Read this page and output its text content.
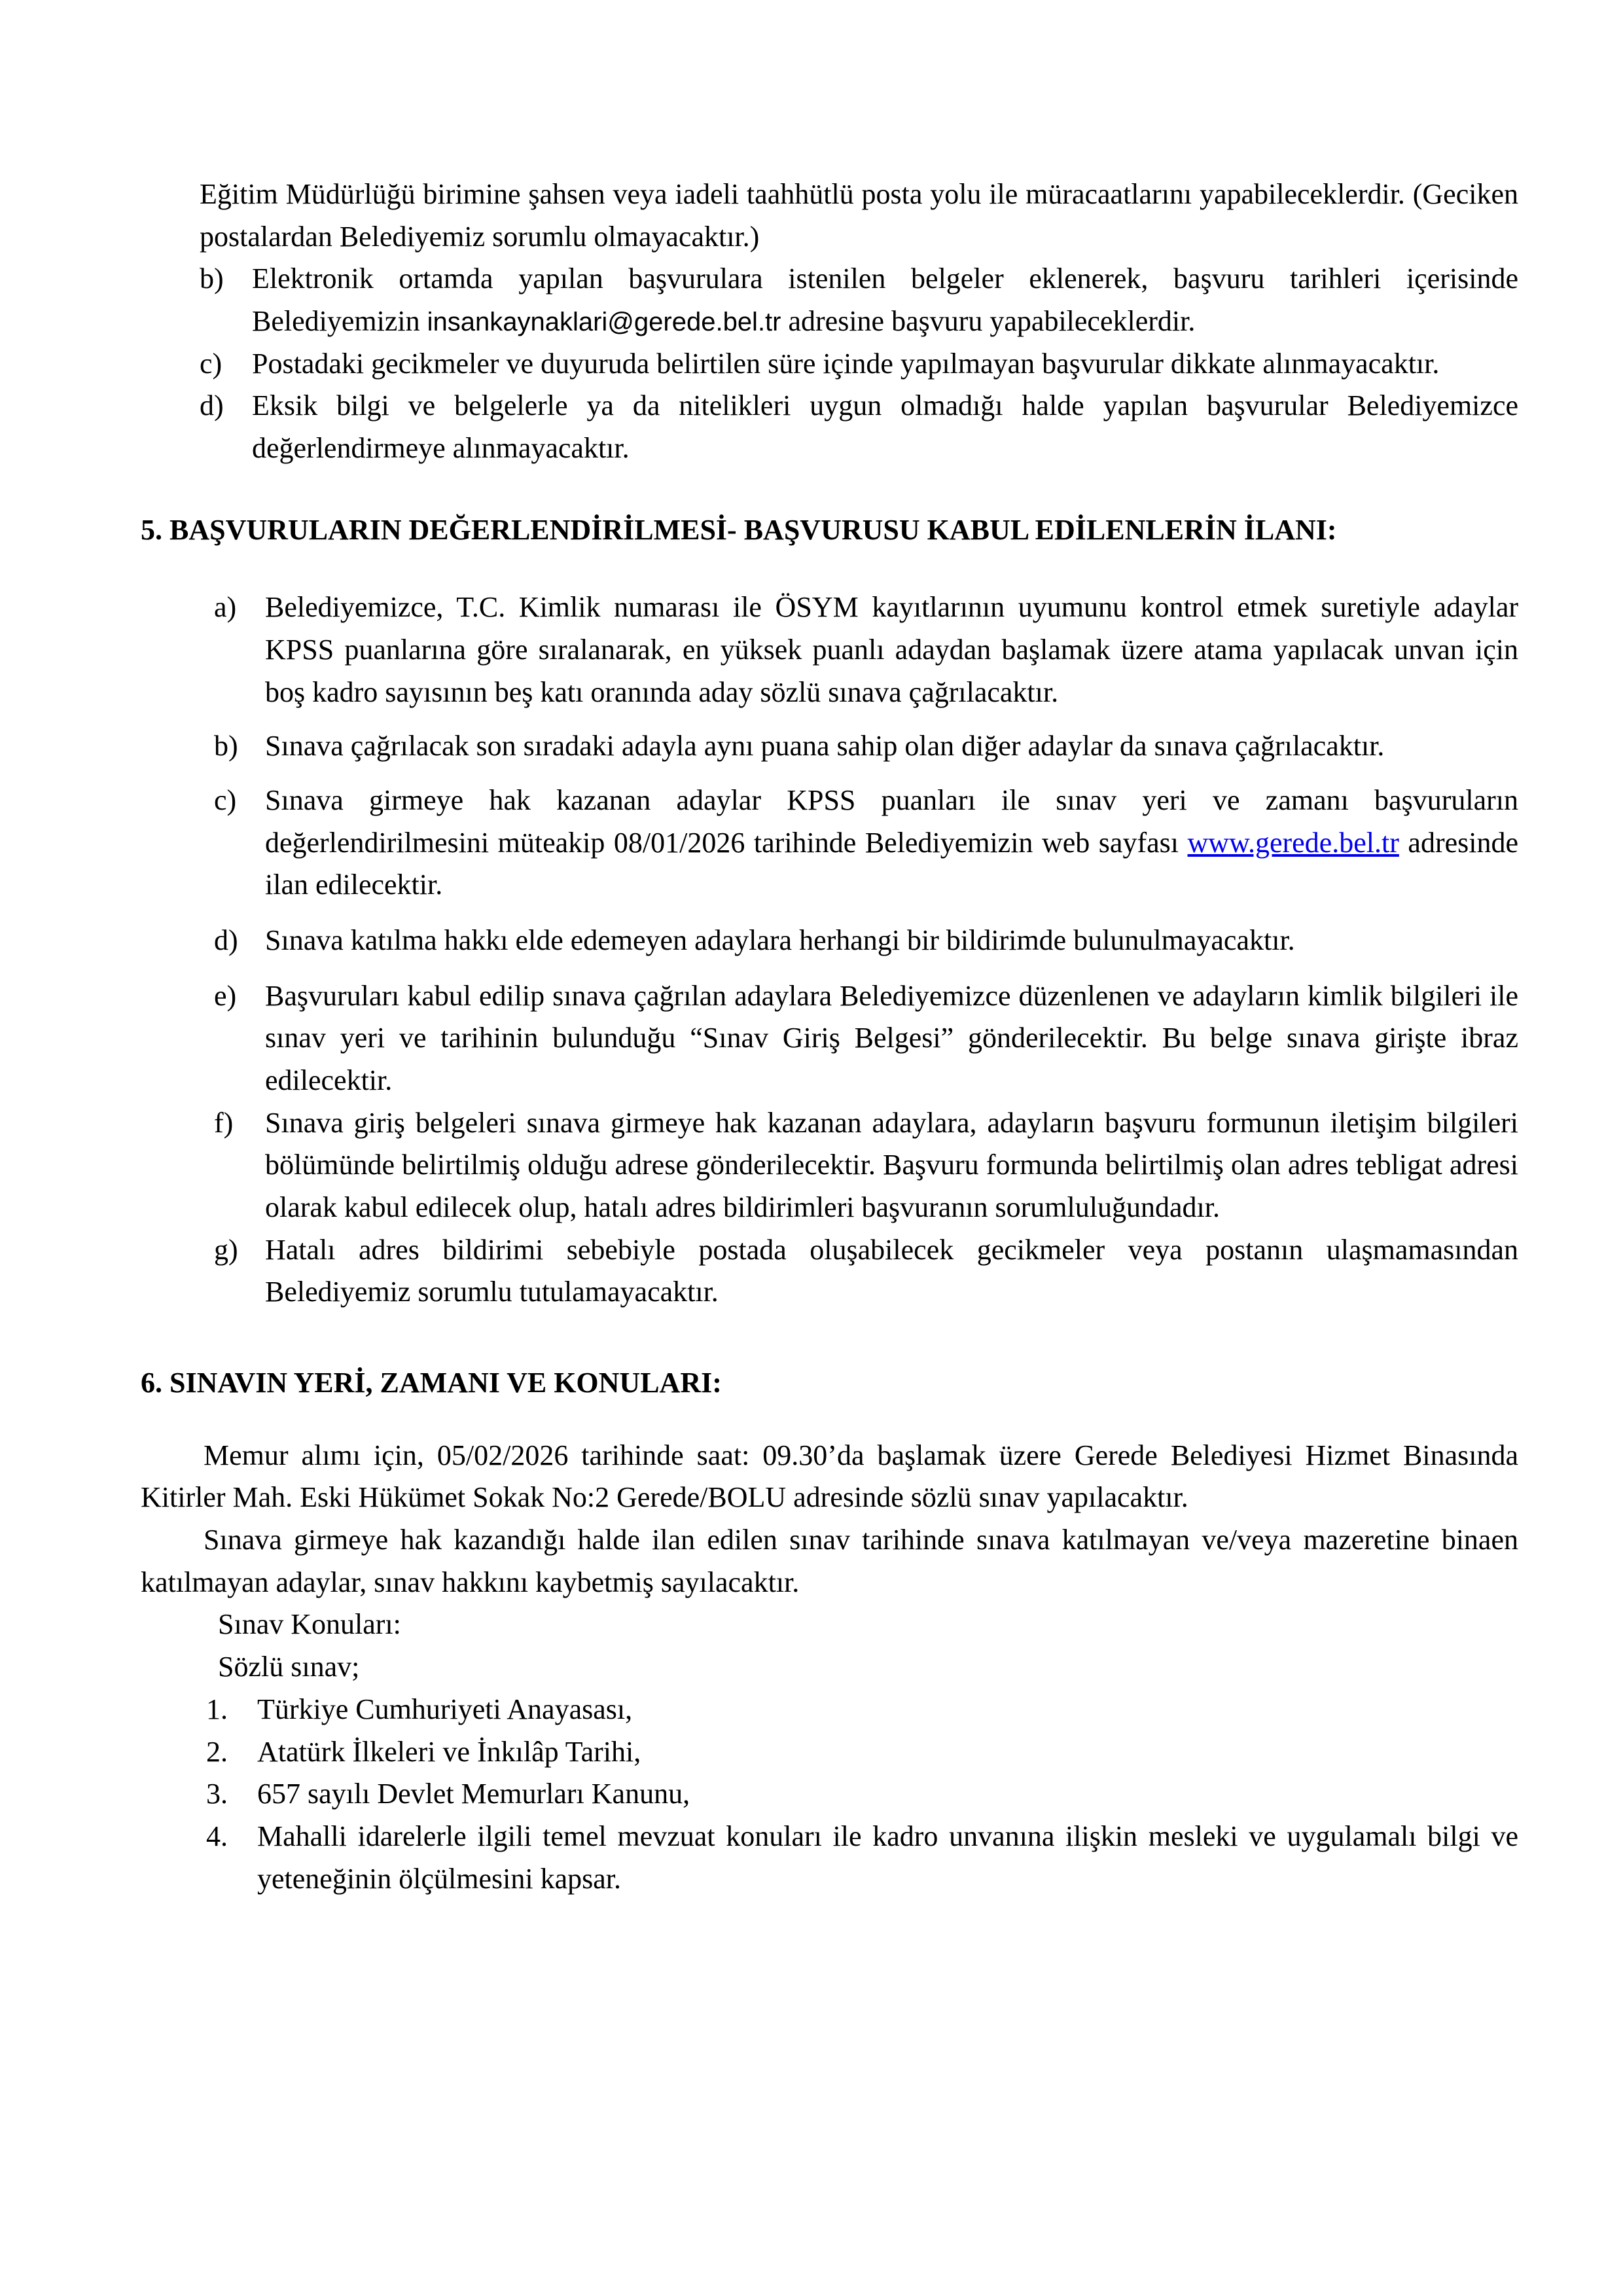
Eğitim Müdürlüğü birimine şahsen veya iadeli taahhütlü posta yolu ile müracaatlarını yapabileceklerdir. (Geciken postalardan Belediyemiz sorumlu olmayacaktır.)

b) Elektronik ortamda yapılan başvurulara istenilen belgeler eklenerek, başvuru tarihleri içerisinde Belediyemizin insankaynaklari@gerede.bel.tr adresine başvuru yapabileceklerdir.
c)	Postadaki gecikmeler ve duyuruda belirtilen süre içinde yapılmayan başvurular dikkate alınmayacaktır.
d) Eksik bilgi ve belgelerle ya da nitelikleri uygun olmadığı halde yapılan başvurular Belediyemizce değerlendirmeye alınmayacaktır.

5. BAŞVURULARIN DEĞERLENDİRİLMESİ- BAŞVURUSU KABUL EDİLENLERİN İLANI:

a) Belediyemizce, T.C. Kimlik numarası ile ÖSYM kayıtlarının uyumunu kontrol etmek suretiyle adaylar KPSS puanlarına göre sıralanarak, en yüksek puanlı adaydan başlamak üzere atama yapılacak unvan için boş kadro sayısının beş katı oranında aday sözlü sınava çağrılacaktır.
b) Sınava çağrılacak son sıradaki adayla aynı puana sahip olan diğer adaylar da sınava çağrılacaktır.
c) Sınava girmeye hak kazanan adaylar KPSS puanları ile sınav yeri ve zamanı başvuruların değerlendirilmesini müteakip 08/01/2026 tarihinde Belediyemizin web sayfası www.gerede.bel.tr adresinde ilan edilecektir.
d) Sınava katılma hakkı elde edemeyen adaylara herhangi bir bildirimde bulunulmayacaktır.
e) Başvuruları kabul edilip sınava çağrılan adaylara Belediyemizce düzenlenen ve adayların kimlik bilgileri ile sınav yeri ve tarihinin bulunduğu “Sınav Giriş Belgesi” gönderilecektir. Bu belge sınava girişte ibraz edilecektir.
f)	Sınava giriş belgeleri sınava girmeye hak kazanan adaylara, adayların başvuru formunun iletişim bilgileri bölümünde belirtilmiş olduğu adrese gönderilecektir. Başvuru formunda belirtilmiş olan adres tebligat adresi olarak kabul edilecek olup, hatalı adres bildirimleri başvuranın sorumluluğundadır.
g) Hatalı adres bildirimi sebebiyle postada oluşabilecek gecikmeler veya postanın ulaşmamasından Belediyemiz sorumlu tutulamayacaktır.

6. SINAVIN YERİ, ZAMANI VE KONULARI:

Memur alımı için, 05/02/2026 tarihinde saat: 09.30’da başlamak üzere Gerede Belediyesi Hizmet Binasında Kitirler Mah. Eski Hükümet Sokak No:2 Gerede/BOLU adresinde sözlü sınav yapılacaktır.

Sınava girmeye hak kazandığı halde ilan edilen sınav tarihinde sınava katılmayan ve/veya mazeretine binaen katılmayan adaylar, sınav hakkını kaybetmiş sayılacaktır.

Sınav Konuları:

Sözlü sınav;

1.	Türkiye Cumhuriyeti Anayasası,
2.	Atatürk İlkeleri ve İnkılâp Tarihi,
3.	657 sayılı Devlet Memurları Kanunu,
4.	Mahalli idarelerle ilgili temel mevzuat konuları ile kadro unvanına ilişkin mesleki ve uygulamalı bilgi ve yeteneğinin ölçülmesini kapsar.
